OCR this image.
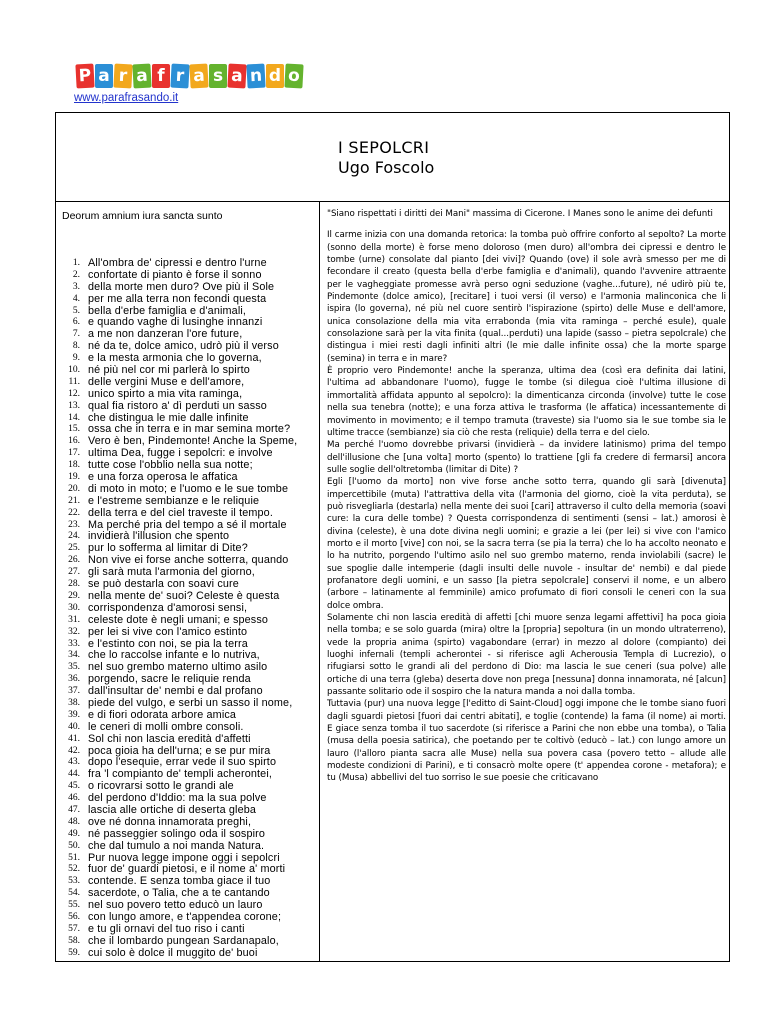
P a r a f r a s a n d o
www.parafrasando.it
I SEPOLCRI
Ugo Foscolo
Deorum amnium iura sancta sunto
1. All'ombra de' cipressi e dentro l'urne
2. confortate di pianto è forse il sonno
3. della morte men duro? Ove più il Sole
4. per me alla terra non fecondi questa
5. bella d'erbe famiglia e d'animali,
6. e quando vaghe di lusinghe innanzi
7. a me non danzeran l'ore future,
8. né da te, dolce amico, udrò più il verso
9. e la mesta armonia che lo governa,
10. né più nel cor mi parlerà lo spirto
11. delle vergini Muse e dell'amore,
12. unico spirto a mia vita raminga,
13. qual fia ristoro a' dì perduti un sasso
14. che distingua le mie dalle infinite
15. ossa che in terra e in mar semina morte?
16. Vero è ben, Pindemonte! Anche la Speme,
17. ultima Dea, fugge i sepolcri: e involve
18. tutte cose l'obblio nella sua notte;
19. e una forza operosa le affatica
20. di moto in moto; e l'uomo e le sue tombe
21. e l'estreme sembianze e le reliquie
22. della terra e del ciel traveste il tempo.
23. Ma perché pria del tempo a sé il mortale
24. invidierà l'illusion che spento
25. pur lo sofferma al limitar di Dite?
26. Non vive ei forse anche sotterra, quando
27. gli sarà muta l'armonia del giorno,
28. se può destarla con soavi cure
29. nella mente de' suoi? Celeste è questa
30. corrispondenza d'amorosi sensi,
31. celeste dote è negli umani; e spesso
32. per lei si vive con l'amico estinto
33. e l'estinto con noi, se pia la terra
34. che lo raccolse infante e lo nutriva,
35. nel suo grembo materno ultimo asilo
36. porgendo, sacre le reliquie renda
37. dall'insultar de' nembi e dal profano
38. piede del vulgo, e serbi un sasso il nome,
39. e di fiori odorata arbore amica
40. le ceneri di molli ombre consoli.
41. Sol chi non lascia eredità d'affetti
42. poca gioia ha dell'urna; e se pur mira
43. dopo l'esequie, errar vede il suo spirto
44. fra 'l compianto de' templi acherontei,
45. o ricovrarsi sotto le grandi ale
46. del perdono d'Iddio: ma la sua polve
47. lascia alle ortiche di deserta gleba
48. ove né donna innamorata preghi,
49. né passeggier solingo oda il sospiro
50. che dal tumulo a noi manda Natura.
51. Pur nuova legge impone oggi i sepolcri
52. fuor de' guardi pietosi, e il nome a' morti
53. contende. E senza tomba giace il tuo
54. sacerdote, o Talia, che a te cantando
55. nel suo povero tetto educò un lauro
56. con lungo amore, e t'appendea corone;
57. e tu gli ornavi del tuo riso i canti
58. che il lombardo pungean Sardanapalo,
59. cui solo è dolce il muggito de' buoi

"Siano rispettati i diritti dei Mani" massima di Cicerone. I Manes sono le anime dei defunti

Il carme inizia con una domanda retorica: la tomba può offrire conforto al sepolto? La morte (sonno della morte) è forse meno doloroso (men duro) all'ombra dei cipressi e dentro le tombe (urne) consolate dal pianto [dei vivi]? Quando (ove) il sole avrà smesso per me di fecondare il creato (questa bella d'erbe famiglia e d'animali), quando l'avvenire attraente per le vagheggiate promesse avrà perso ogni seduzione (vaghe...future), né udirò più te, Pindemonte (dolce amico), [recitare] i tuoi versi (il verso) e l'armonia malinconica che li ispira (lo governa), né più nel cuore sentirò l'ispirazione (spirto) delle Muse e dell'amore, unica consolazione della mia vita errabonda (mia vita raminga – perché esule), quale consolazione sarà per la vita finita (qual...perduti) una lapide (sasso – pietra sepolcrale) che distingua i miei resti dagli infiniti altri (le mie dalle infinite ossa) che la morte sparge (semina) in terra e in mare?

È proprio vero Pindemonte! anche la speranza, ultima dea (così era definita dai latini, l'ultima ad abbandonare l'uomo), fugge le tombe (si dilegua cioè l'ultima illusione di immortalità affidata appunto al sepolcro): la dimenticanza circonda (involve) tutte le cose nella sua tenebra (notte); e una forza attiva le trasforma (le affatica) incessantemente di movimento in movimento; e il tempo tramuta (traveste) sia l'uomo sia le sue tombe sia le ultime tracce (sembianze) sia ciò che resta (reliquie) della terra e del cielo.

Ma perché l'uomo dovrebbe privarsi (invidierà – da invidere latinismo) prima del tempo dell'illusione che [una volta] morto (spento) lo trattiene [gli fa credere di fermarsi] ancora sulle soglie dell'oltretomba (limitar di Dite) ?

Egli [l'uomo da morto] non vive forse anche sotto terra, quando gli sarà [divenuta] impercettibile (muta) l'attrattiva della vita (l'armonia del giorno, cioè la vita perduta), se può risvegliarla (destarla) nella mente dei suoi [cari] attraverso il culto della memoria (soavi cure: la cura delle tombe) ? Questa corrispondenza di sentimenti (sensi – lat.) amorosi è divina (celeste), è una dote divina negli uomini; e grazie a lei (per lei) si vive con l'amico morto e il morto [vive] con noi, se la sacra terra (se pia la terra) che lo ha accolto neonato e lo ha nutrito, porgendo l'ultimo asilo nel suo grembo materno, renda inviolabili (sacre) le sue spoglie dalle intemperie (dagli insulti delle nuvole - insultar de' nembi) e dal piede profanatore degli uomini, e un sasso [la pietra sepolcrale] conservi il nome, e un albero (arbore – latinamente al femminile) amico profumato di fiori consoli le ceneri con la sua dolce ombra.

Solamente chi non lascia eredità di affetti [chi muore senza legami affettivi] ha poca gioia nella tomba; e se solo guarda (mira) oltre la [propria] sepoltura (in un mondo ultraterreno), vede la propria anima (spirto) vagabondare (errar) in mezzo al dolore (compianto) dei luoghi infernali (templi acherontei - si riferisce agli Acherousia Templa di Lucrezio), o rifugiarsi sotto le grandi ali del perdono di Dio: ma lascia le sue ceneri (sua polve) alle ortiche di una terra (gleba) deserta dove non prega [nessuna] donna innamorata, né [alcun] passante solitario ode il sospiro che la natura manda a noi dalla tomba.

Tuttavia (pur) una nuova legge [l'editto di Saint-Cloud] oggi impone che le tombe siano fuori dagli sguardi pietosi [fuori dai centri abitati], e toglie (contende) la fama (il nome) ai morti. E giace senza tomba il tuo sacerdote (si riferisce a Parini che non ebbe una tomba), o Talia (musa della poesia satirica), che poetando per te coltivò (educò – lat.) con lungo amore un lauro (l'alloro pianta sacra alle Muse) nella sua povera casa (povero tetto – allude alle modeste condizioni di Parini), e ti consacrò molte opere (t' appendea corone - metafora); e tu (Musa) abbellivi del tuo sorriso le sue poesie che criticavano
